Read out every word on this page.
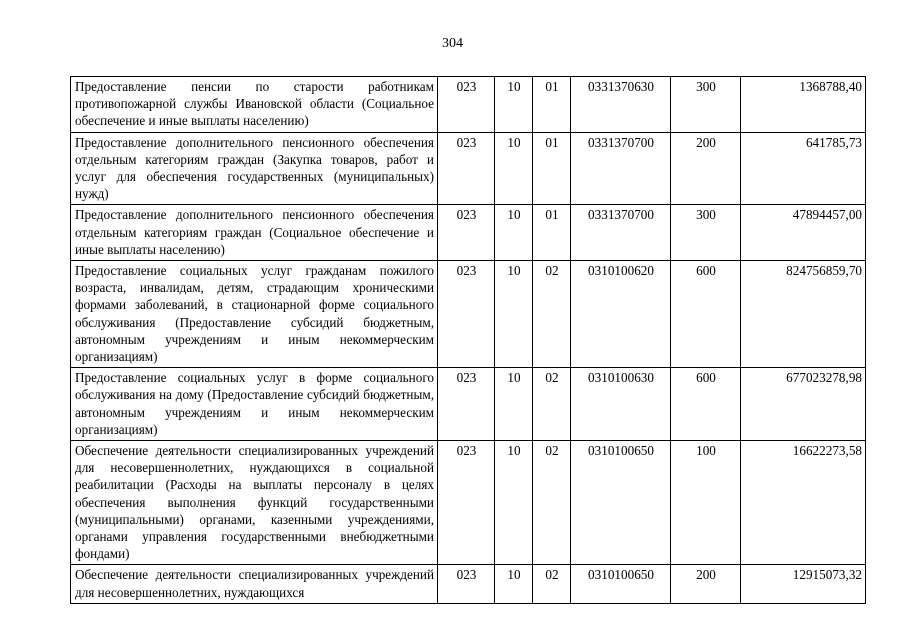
304
Предоставление пенсии по старости работникам противопожарной службы Ивановской области (Социальное обеспечение и иные выплаты населению)	023	10	01	0331370630	300	1368788,40
Предоставление дополнительного пенсионного обеспечения отдельным категориям граждан (Закупка товаров, работ и услуг для обеспечения государственных (муниципальных) нужд)	023	10	01	0331370700	200	641785,73
Предоставление дополнительного пенсионного обеспечения отдельным категориям граждан (Социальное обеспечение и иные выплаты населению)	023	10	01	0331370700	300	47894457,00
Предоставление социальных услуг гражданам пожилого возраста, инвалидам, детям, страдающим хроническими формами заболеваний, в стационарной форме социального обслуживания (Предоставление субсидий бюджетным, автономным учреждениям и иным некоммерческим организациям)	023	10	02	0310100620	600	824756859,70
Предоставление социальных услуг в форме социального обслуживания на дому (Предоставление субсидий бюджетным, автономным учреждениям и иным некоммерческим организациям)	023	10	02	0310100630	600	677023278,98
Обеспечение деятельности специализированных учреждений для несовершеннолетних, нуждающихся в социальной реабилитации (Расходы на выплаты персоналу в целях обеспечения выполнения функций государственными (муниципальными) органами, казенными учреждениями, органами управления государственными внебюджетными фондами)	023	10	02	0310100650	100	16622273,58
Обеспечение деятельности специализированных учреждений для несовершеннолетних, нуждающихся	023	10	02	0310100650	200	12915073,32
